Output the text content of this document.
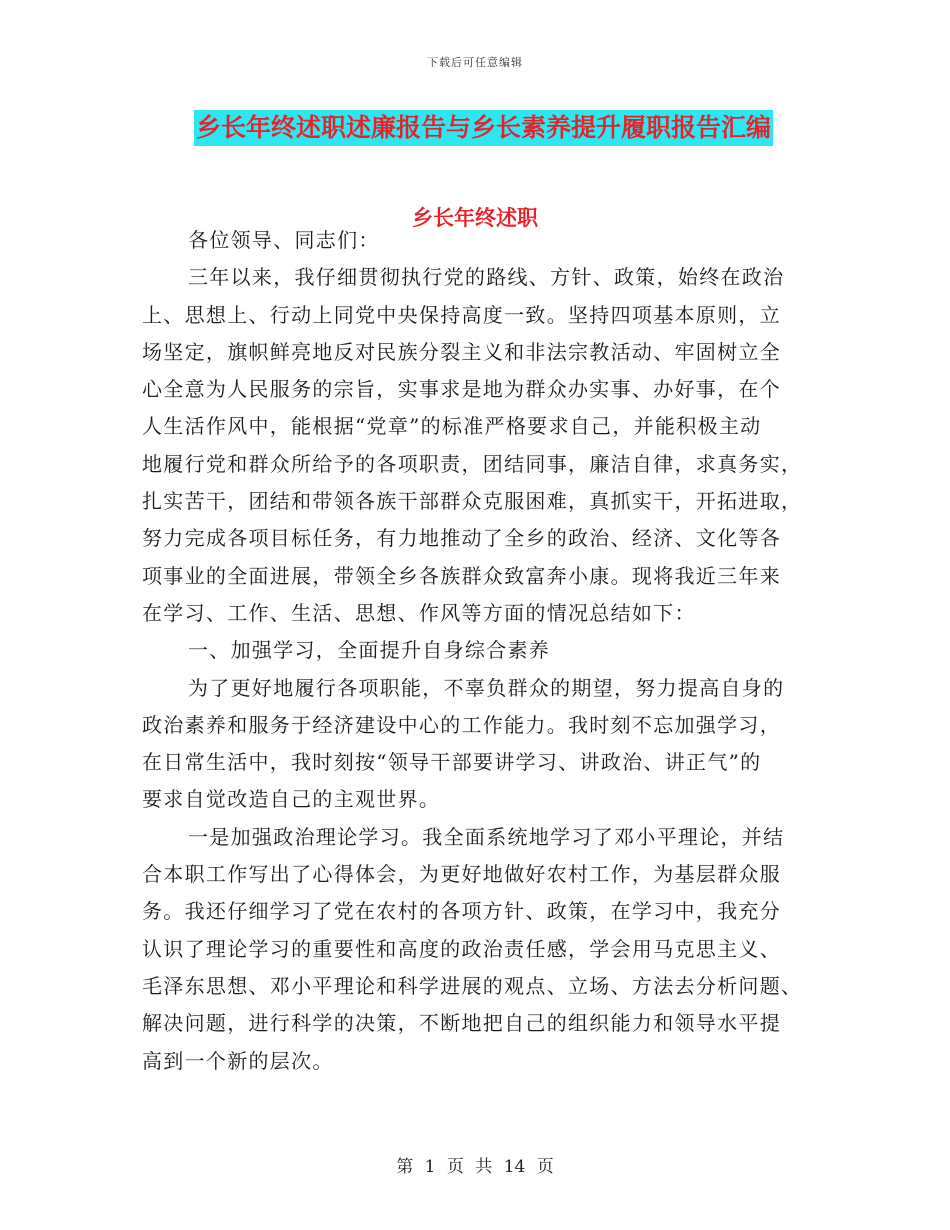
下载后可任意编辑
乡长年终述职述廉报告与乡长素养提升履职报告汇编
乡长年终述职
各位领导、同志们：
三年以来，我仔细贯彻执行党的路线、方针、政策，始终在政治
上、思想上、行动上同党中央保持高度一致。坚持四项基本原则，立
场坚定，旗帜鲜亮地反对民族分裂主义和非法宗教活动、牢固树立全
心全意为人民服务的宗旨，实事求是地为群众办实事、办好事，在个
人生活作风中，能根据“党章”的标准严格要求自己，并能积极主动
地履行党和群众所给予的各项职责，团结同事，廉洁自律，求真务实，
扎实苦干，团结和带领各族干部群众克服困难，真抓实干，开拓进取，
努力完成各项目标任务，有力地推动了全乡的政治、经济、文化等各
项事业的全面进展，带领全乡各族群众致富奔小康。现将我近三年来
在学习、工作、生活、思想、作风等方面的情况总结如下：
一、加强学习，全面提升自身综合素养
为了更好地履行各项职能，不辜负群众的期望，努力提高自身的
政治素养和服务于经济建设中心的工作能力。我时刻不忘加强学习，
在日常生活中，我时刻按“领导干部要讲学习、讲政治、讲正气”的
要求自觉改造自己的主观世界。
一是加强政治理论学习。我全面系统地学习了邓小平理论，并结
合本职工作写出了心得体会，为更好地做好农村工作，为基层群众服
务。我还仔细学习了党在农村的各项方针、政策，在学习中，我充分
认识了理论学习的重要性和高度的政治责任感，学会用马克思主义、
毛泽东思想、邓小平理论和科学进展的观点、立场、方法去分析问题、
解决问题，进行科学的决策，不断地把自己的组织能力和领导水平提
高到一个新的层次。
第 1 页 共 14 页
